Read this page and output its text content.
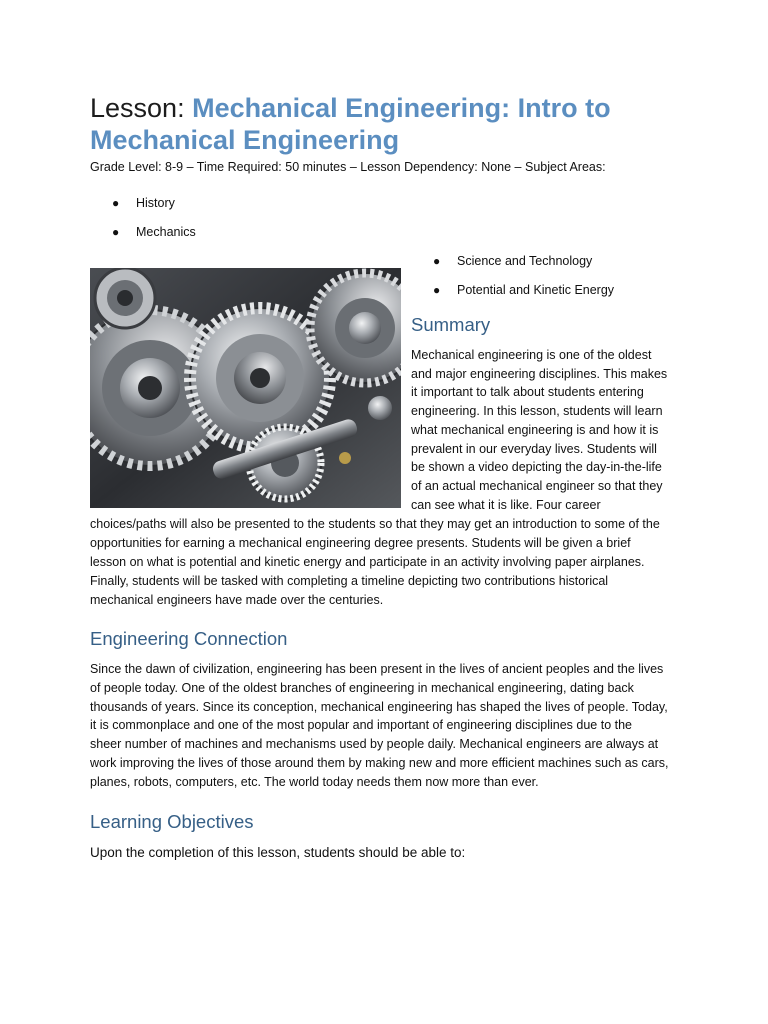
Lesson: Mechanical Engineering: Intro to Mechanical Engineering
Grade Level: 8-9 – Time Required: 50 minutes – Lesson Dependency: None – Subject Areas:
● History
● Mechanics
● Science and Technology
● Potential and Kinetic Energy
Summary
Mechanical engineering is one of the oldest
and major engineering disciplines. This makes
it important to talk about students entering
engineering. In this lesson, students will learn
what mechanical engineering is and how it is
prevalent in our everyday lives. Students will
be shown a video depicting the day-in-the-life
of an actual mechanical engineer so that they
can see what it is like. Four career
choices/paths will also be presented to the students so that they may get an introduction to some of the
opportunities for earning a mechanical engineering degree presents. Students will be given a brief
lesson on what is potential and kinetic energy and participate in an activity involving paper airplanes.
Finally, students will be tasked with completing a timeline depicting two contributions historical
mechanical engineers have made over the centuries.
Engineering Connection
Since the dawn of civilization, engineering has been present in the lives of ancient peoples and the lives
of people today. One of the oldest branches of engineering in mechanical engineering, dating back
thousands of years. Since its conception, mechanical engineering has shaped the lives of people. Today,
it is commonplace and one of the most popular and important of engineering disciplines due to the
sheer number of machines and mechanisms used by people daily. Mechanical engineers are always at
work improving the lives of those around them by making new and more efficient machines such as cars,
planes, robots, computers, etc. The world today needs them now more than ever.
Learning Objectives
Upon the completion of this lesson, students should be able to:
